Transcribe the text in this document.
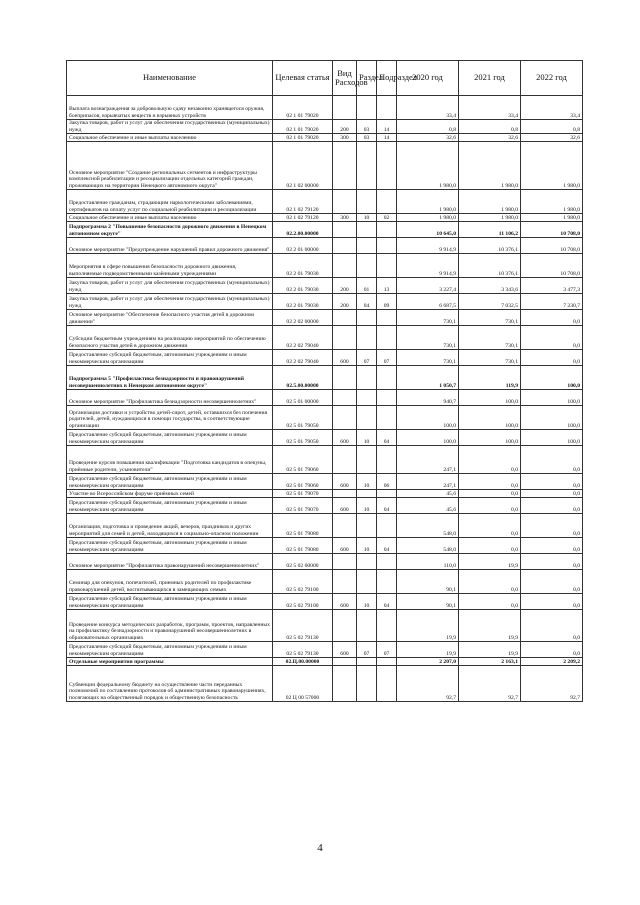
Наименование	Целевая статья	Вид Расходов	Раздел	Подраздел	2020 год	2021 год	2022 год
Выплата вознаграждения за добровольную сдачу незаконно хранящегося оружия, боеприпасов, взрывчатых веществ и взрывных устройств	02 1 01 79020				33,4	33,4	33,4
Закупка товаров, работ и услуг для обеспечения государственных (муниципальных) нужд	02 1 01 79020	200	03	14	0,8	0,8	0,8
Социальное обеспечение и иные выплаты населению	02 1 01 79020	300	03	14	32,6	32,6	32,6
Основное мероприятие "Создание региональных сегментов и инфраструктуры комплексной реабилитации и ресоциализации отдельных категорий граждан, проживающих на территории Ненецкого автономного округа"	02 1 02 00000				1 980,0	1 980,0	1 980,0
Предоставление гражданам, страдающим наркологическими заболеваниями, сертификатов на оплату услуг по социальной реабилитации и ресоциализации	02 1 02 79120				1 980,0	1 980,0	1 980,0
Социальное обеспечение и иные выплаты населению	02 1 02 79120	300	10	02	1 980,0	1 980,0	1 980,0
Подпрограмма 2 "Повышение безопасности дорожного движения в Ненецком автономном округе"	02.2.00.00000				10 645,0	11 106,2	10 708,0
Основное мероприятие "Предупреждение нарушений правил дорожного движения"	02 2 01 00000				9 914,9	10 376,1	10 708,0
Мероприятия в сфере повышения безопасности дорожного движения, выполняемые подведомственными казёнными учреждениями	02 2 01 79030				9 914,9	10 376,1	10 708,0
Закупка товаров, работ и услуг для обеспечения государственных (муниципальных) нужд	02 2 01 79030	200	01	13	3 227,4	3 343,6	3 477,3
Закупка товаров, работ и услуг для обеспечения государственных (муниципальных) нужд	02 2 01 79030	200	04	09	6 687,5	7 032,5	7 230,7
Основное мероприятие "Обеспечение безопасного участия детей в дорожном движении"	02 2 02 00000				730,1	730,1	0,0
Субсидии бюджетным учреждениям на реализацию мероприятий по обеспечению безопасного участия детей в дорожном движении	02 2 02 79040				730,1	730,1	0,0
Предоставление субсидий бюджетным, автономным учреждениям и иным некоммерческим организациям	02 2 02 79040	600	07	07	730,1	730,1	0,0
Подпрограмма 5 "Профилактика безнадзорности и правонарушений несовершеннолетних в Ненецком автономном округе"	02.5.00.00000				1 050,7	119,9	100,0
Основное мероприятие "Профилактика безнадзорности несовершеннолетних"	02 5 01 00000				940,7	100,0	100,0
Организация доставки и устройство детей-сирот, детей, оставшихся без попечения родителей, детей, нуждающихся в помощи государства, в соответствующие организации	02 5 01 79050				100,0	100,0	100,0
Предоставление субсидий бюджетным, автономным учреждениям и иным некоммерческим организациям	02 5 01 79050	600	10	04	100,0	100,0	100,0
Проведение курсов повышения квалификации "Подготовка кандидатов в опекуны, приёмные родители, усыновители"	02 5 01 79060				247,1	0,0	0,0
Предоставление субсидий бюджетным, автономным учреждениям и иным некоммерческим организациям	02 5 01 79060	600	10	06	247,1	0,0	0,0
Участие во Всероссийском форуме приёмных семей	02 5 01 79070				45,6	0,0	0,0
Предоставление субсидий бюджетным, автономным учреждениям и иным некоммерческим организациям	02 5 01 79070	600	10	04	45,6	0,0	0,0
Организация, подготовка и проведение акций, вечеров, праздников и других мероприятий для семей и детей, находящихся в социально-опасном положении	02 5 01 79080				548,0	0,0	0,0
Предоставление субсидий бюджетным, автономным учреждениям и иным некоммерческим организациям	02 5 01 79080	600	10	04	548,0	0,0	0,0
Основное мероприятие "Профилактика правонарушений несовершеннолетних"	02 5 02 00000				110,0	19,9	0,0
Семинар для опекунов, попечителей, приемных родителей по профилактике правонарушений детей, воспитывающихся в замещающих семьях	02 5 02 79100				90,1	0,0	0,0
Предоставление субсидий бюджетным, автономным учреждениям и иным некоммерческим организациям	02 5 02 79100	600	10	04	90,1	0,0	0,0
Проведение конкурса методических разработок, программ, проектов, направленных на профилактику безнадзорности и правонарушений несовершеннолетних в образовательных организациях	02 5 02 79130				19,9	19,9	0,0
Предоставление субсидий бюджетным, автономным учреждениям и иным некоммерческим организациям	02 5 02 79130	600	07	07	19,9	19,9	0,0
Отдельные мероприятия программы	02.Ц.00.00000				2 207,0	2 163,1	2 209,2
Субвенции федеральному бюджету на осуществление части переданных полномочий по составлению протоколов об административных правонарушениях, посягающих на общественный порядок и общественную безопасность	02 Ц 00 57000				92,7	92,7	92,7
4
